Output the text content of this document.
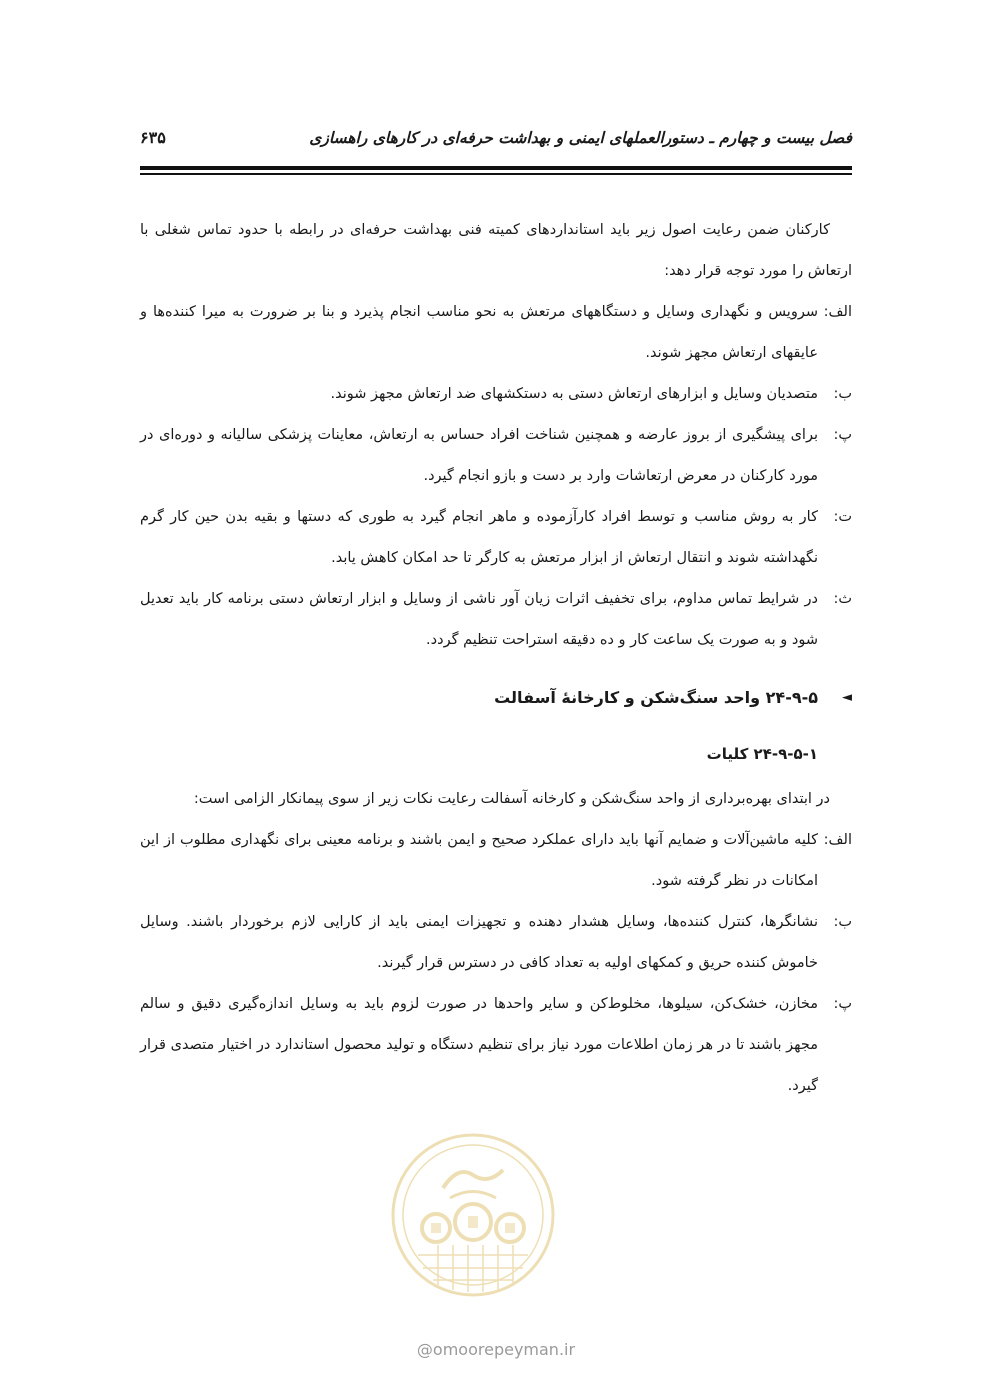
فصل بیست و چهارم ـ دستورالعملهای ایمنی و بهداشت حرفه‌ای در کارهای راهسازی
۶۳۵

کارکنان ضمن رعایت اصول زیر باید استانداردهای کمیته فنی بهداشت حرفه‌ای در رابطه با حدود تماس شغلی با ارتعاش را مورد توجه قرار دهد:

الف:
سرویس و نگهداری وسایل و دستگاههای مرتعش به نحو مناسب انجام پذیرد و بنا بر ضرورت به میرا کننده‌ها و عایقهای ارتعاش مجهز شوند.
ب:
متصدیان وسایل و ابزارهای ارتعاش دستی به دستکشهای ضد ارتعاش مجهز شوند.
پ:
برای پیشگیری از بروز عارضه و همچنین شناخت افراد حساس به ارتعاش، معاینات پزشکی سالیانه و دوره‌ای در مورد کارکنان در معرض ارتعاشات وارد بر دست و بازو انجام گیرد.
ت:
کار به روش مناسب و توسط افراد کارآزموده و ماهر انجام گیرد به طوری که دستها و بقیه بدن حین کار گرم نگهداشته شوند و انتقال ارتعاش از ابزار مرتعش به کارگر تا حد امکان کاهش یابد.
ث:
در شرایط تماس مداوم، برای تخفیف اثرات زیان آور ناشی از وسایل و ابزار ارتعاش دستی برنامه کار باید تعدیل شود و به صورت یک ساعت کار و ده دقیقه استراحت تنظیم گردد.
◄
۲۴-۹-۵ واحد سنگ‌شکن و کارخانهٔ آسفالت
۲۴-۹-۵-۱ کلیات

در ابتدای بهره‌برداری از واحد سنگ‌شکن و کارخانه آسفالت رعایت نکات زیر از سوی پیمانکار الزامی است:

الف:
کلیه ماشین‌آلات و ضمایم آنها باید دارای عملکرد صحیح و ایمن باشند و برنامه معینی برای نگهداری مطلوب از این امکانات در نظر گرفته شود.
ب:
نشانگرها، کنترل کننده‌ها، وسایل هشدار دهنده و تجهیزات ایمنی باید از کارایی لازم برخوردار باشند. وسایل خاموش کننده حریق و کمکهای اولیه به تعداد کافی در دسترس قرار گیرند.
پ:
مخازن، خشک‌کن، سیلوها، مخلوط‌کن و سایر واحدها در صورت لزوم باید به وسایل اندازه‌گیری دقیق و سالم مجهز باشند تا در هر زمان اطلاعات مورد نیاز برای تنظیم دستگاه و تولید محصول استاندارد در اختیار متصدی قرار گیرد.
@omoorepeyman.ir
